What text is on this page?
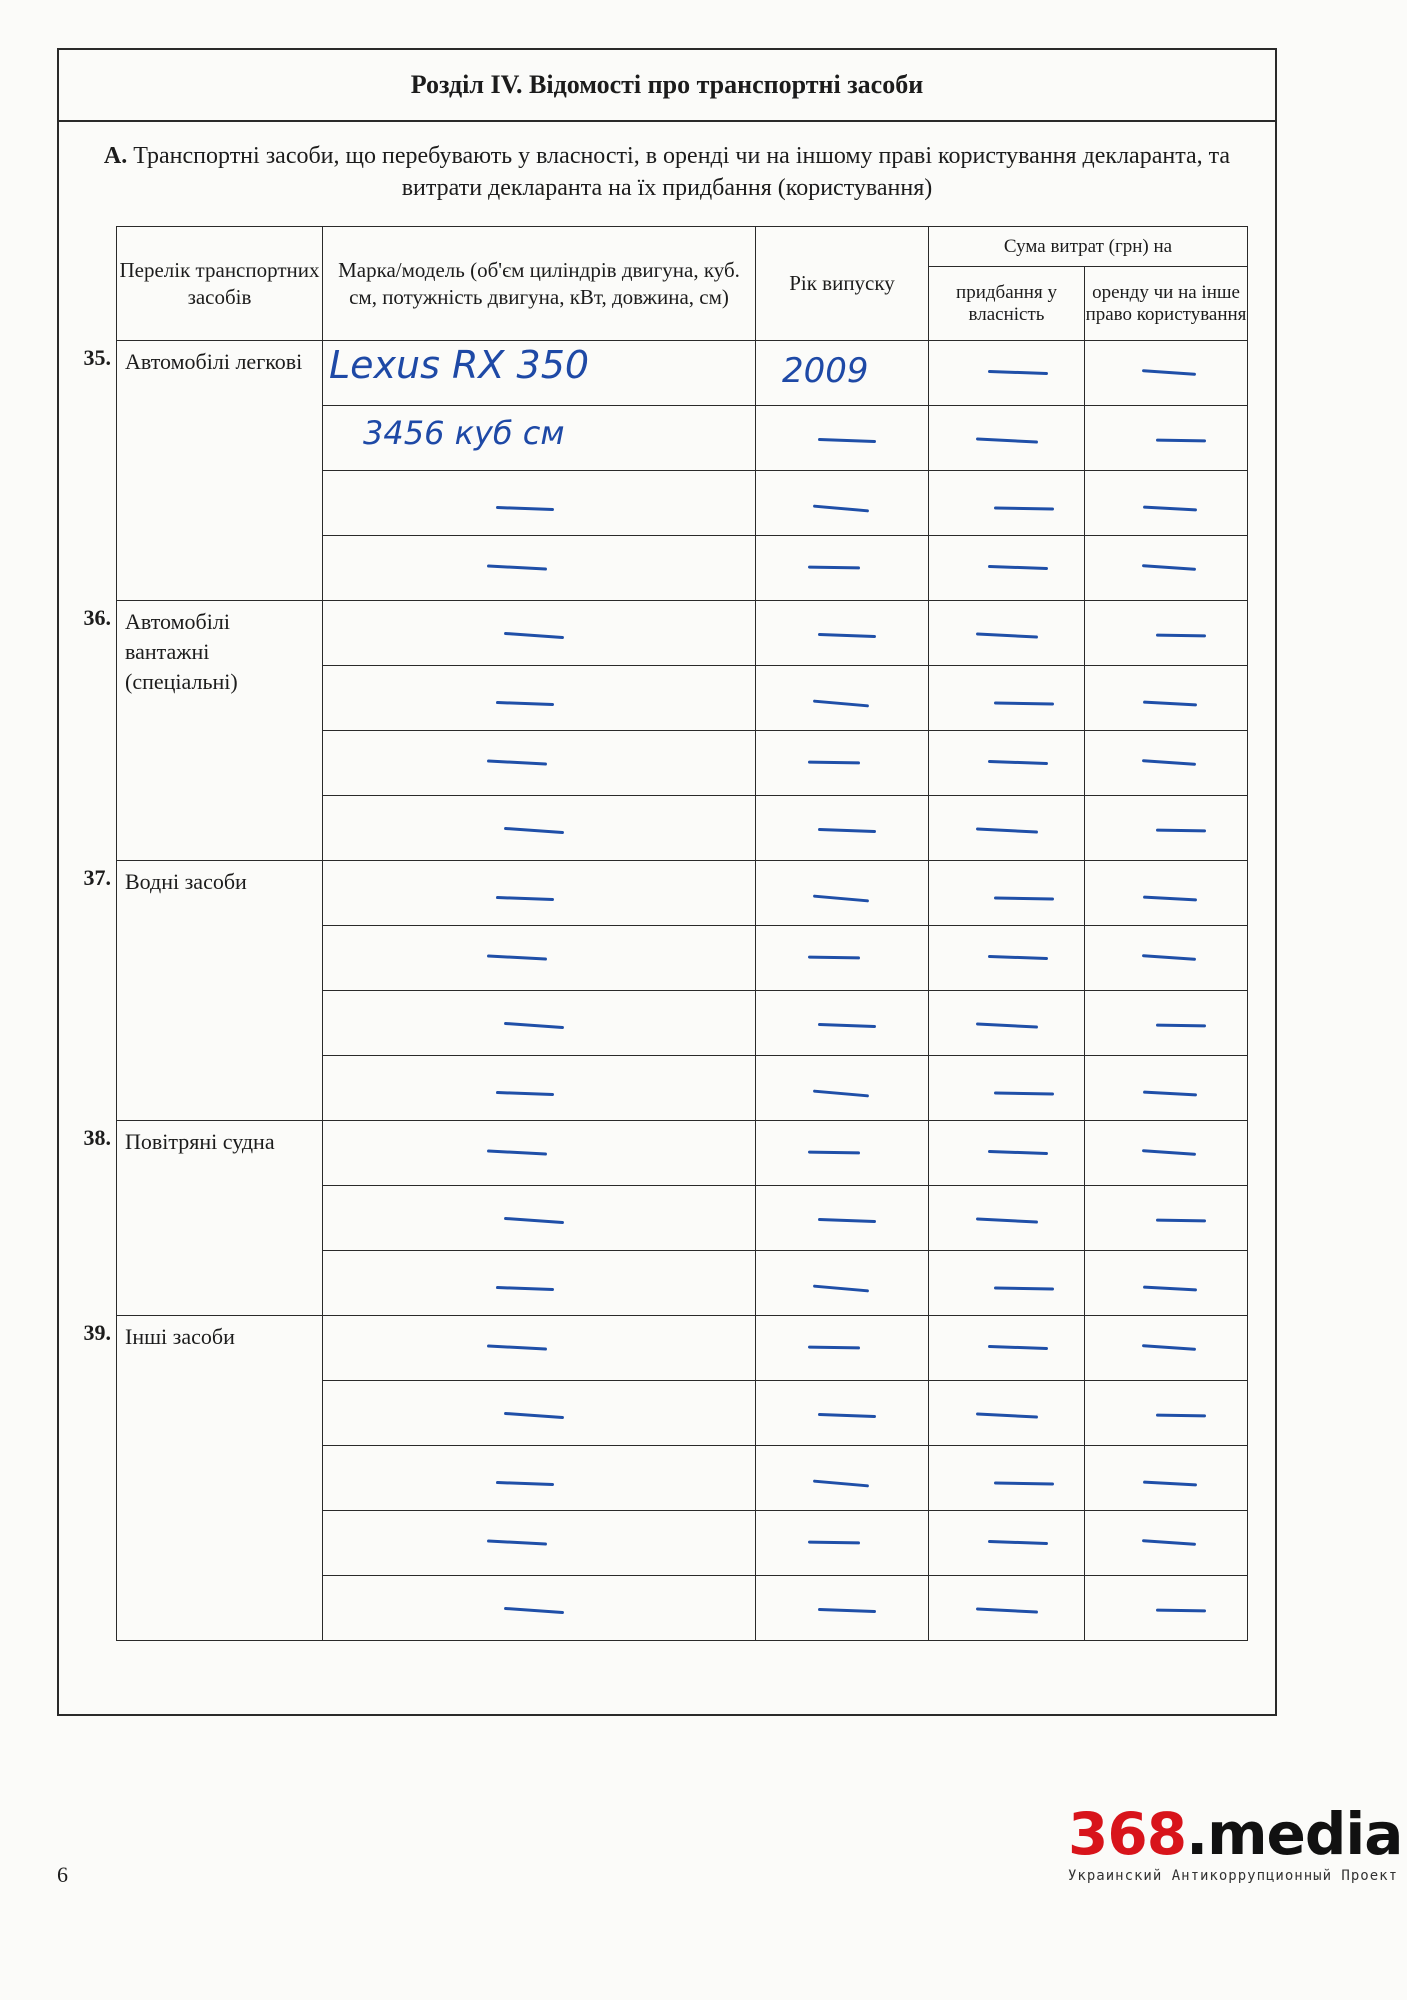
Розділ IV. Відомості про транспортні засоби
А. Транспортні засоби, що перебувають у власності, в оренді чи на іншому праві користування декларанта, та витрати декларанта на їх придбання (користування)
Перелік транспортних засобів	Марка/модель (об'єм циліндрів двигуна, куб. см, потужність двигуна, кВт, довжина, см)	Рік випуску	Сума витрат (грн) на	
			придбання у власність	оренду чи на інше право користування

35. Автомобілі легкові	Lexus RX 350	2009		

	3456 куб см			

36. Автомобілі вантажні (спеціальні)	

37. Водні засоби	

38. Повітряні судна	

39. Інші засоби	

6
368.media
Украинский Антикоррупционный Проект
